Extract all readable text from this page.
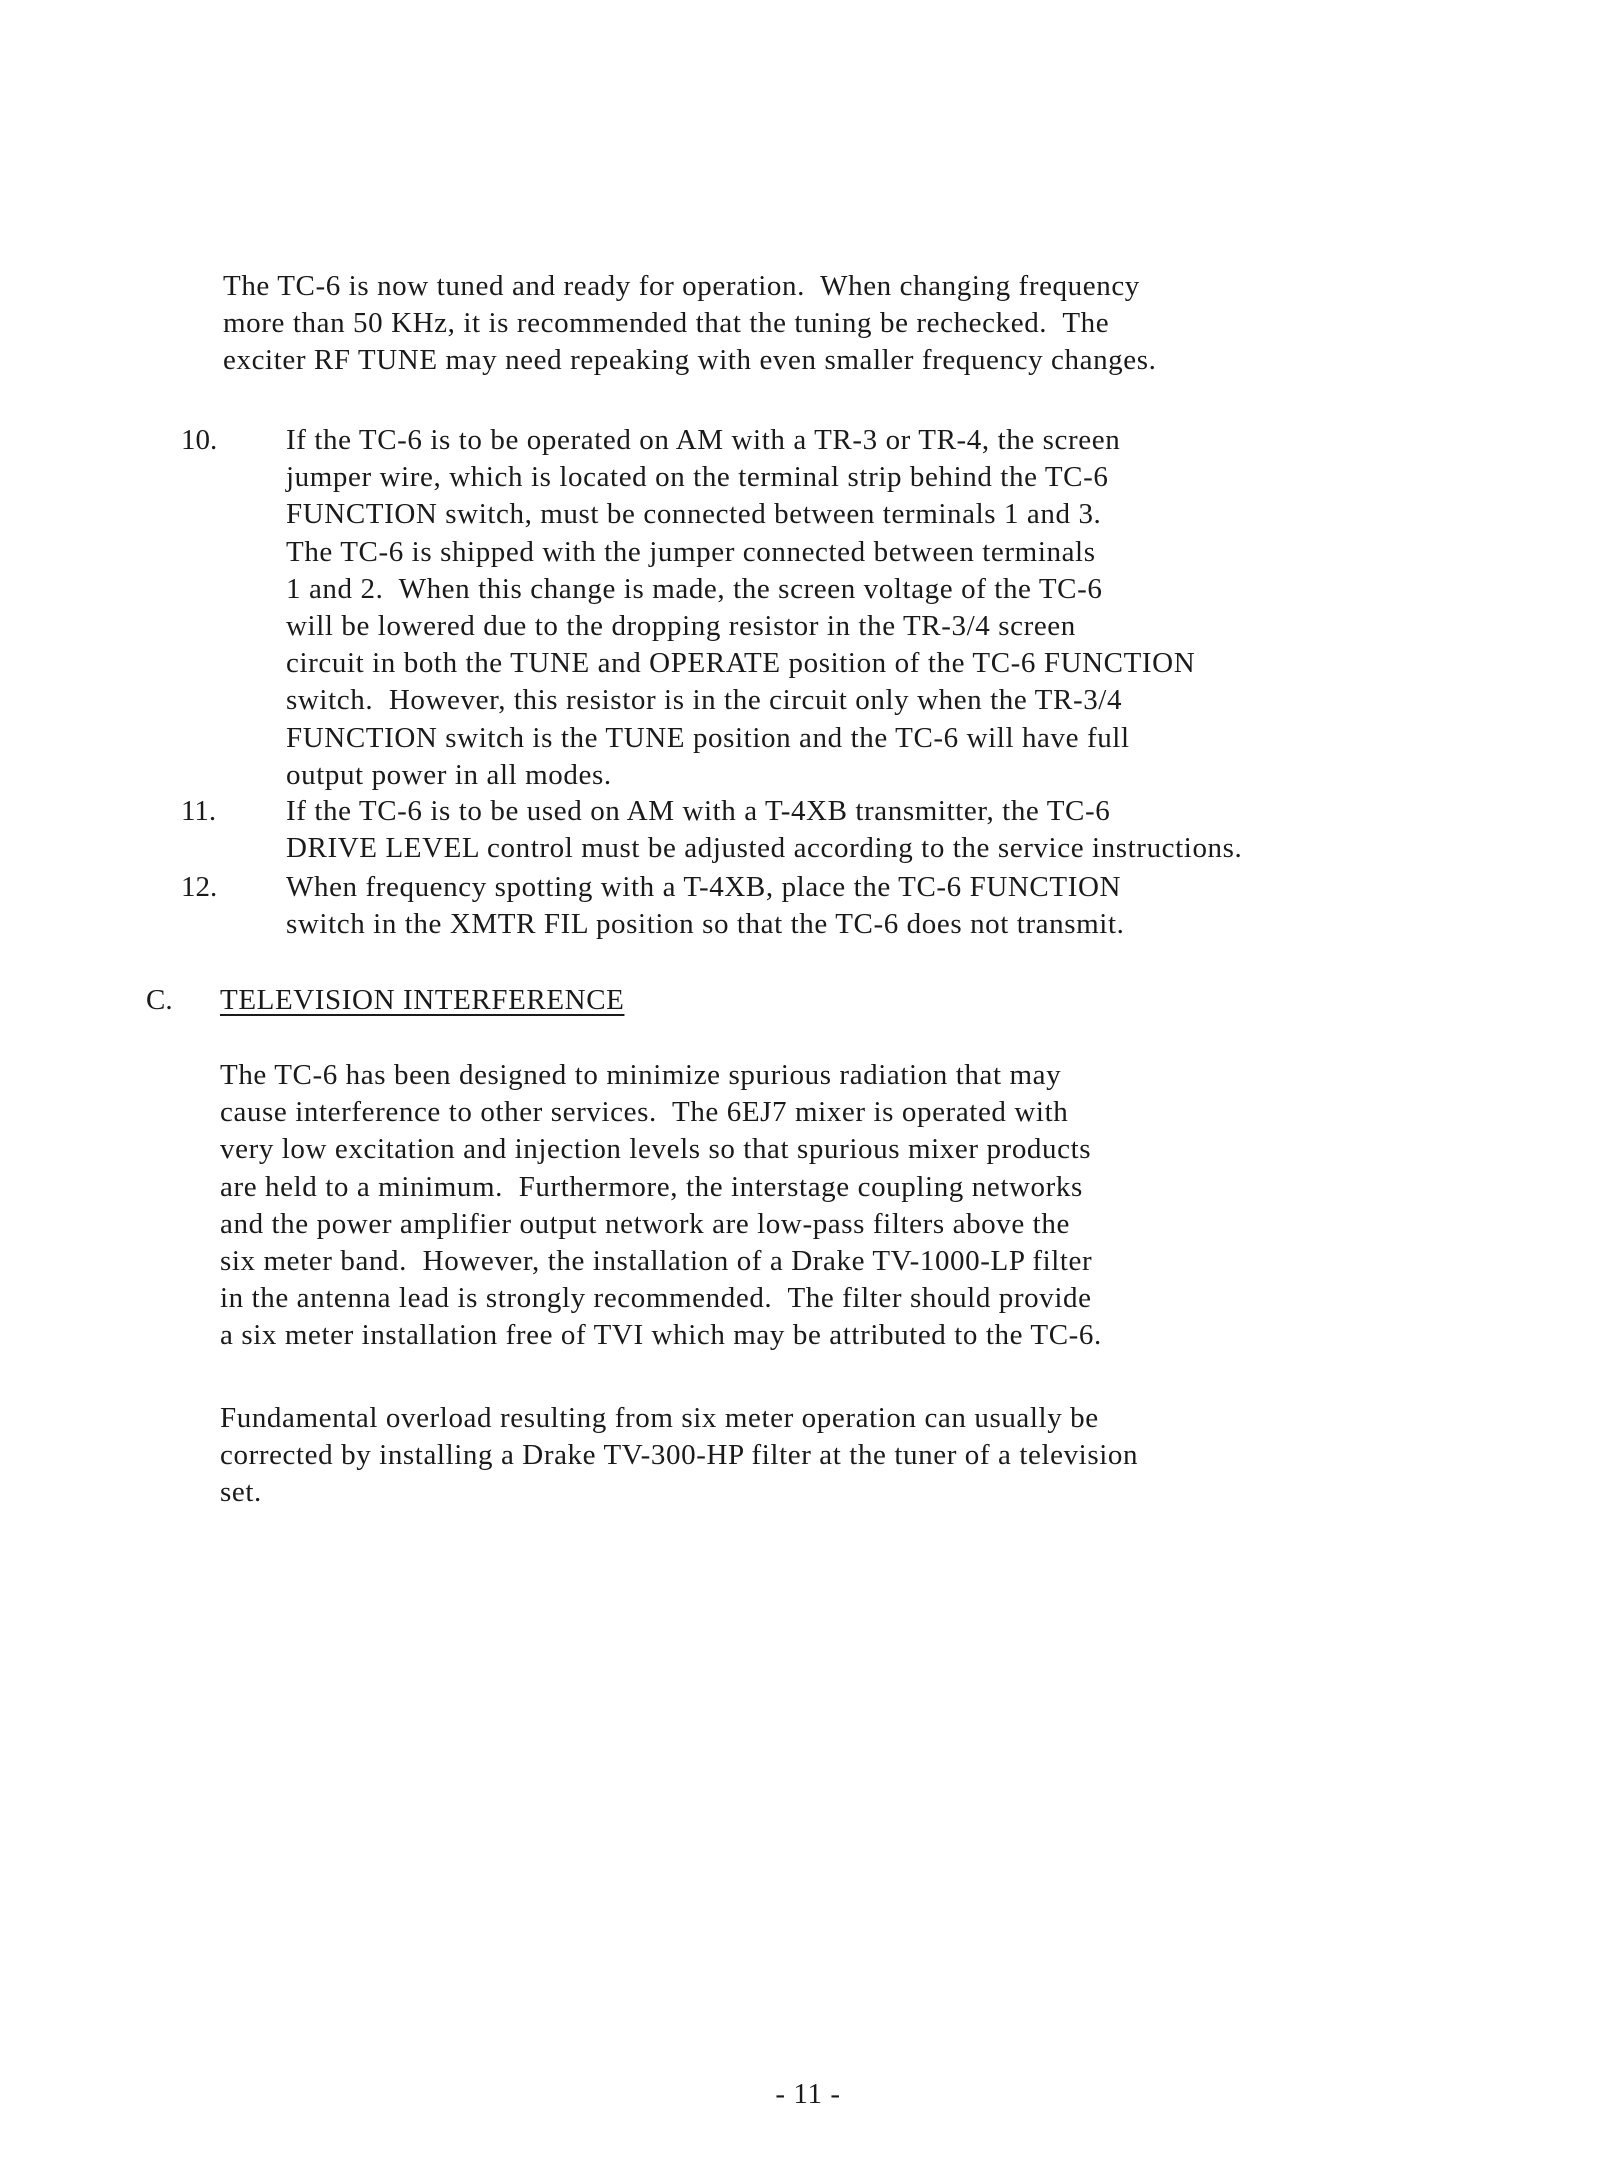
The TC-6 is now tuned and ready for operation.  When changing frequency
more than 50 KHz, it is recommended that the tuning be rechecked.  The
exciter RF TUNE may need repeaking with even smaller frequency changes.
10. If the TC-6 is to be operated on AM with a TR-3 or TR-4, the screen
jumper wire, which is located on the terminal strip behind the TC-6
FUNCTION switch, must be connected between terminals 1 and 3.
The TC-6 is shipped with the jumper connected between terminals
1 and 2.  When this change is made, the screen voltage of the TC-6
will be lowered due to the dropping resistor in the TR-3/4 screen
circuit in both the TUNE and OPERATE position of the TC-6 FUNCTION
switch.  However, this resistor is in the circuit only when the TR-3/4
FUNCTION switch is the TUNE position and the TC-6 will have full
output power in all modes.
11. If the TC-6 is to be used on AM with a T-4XB transmitter, the TC-6
DRIVE LEVEL control must be adjusted according to the service instructions.
12. When frequency spotting with a T-4XB, place the TC-6 FUNCTION
switch in the XMTR FIL position so that the TC-6 does not transmit.
C. TELEVISION INTERFERENCE
The TC-6 has been designed to minimize spurious radiation that may
cause interference to other services.  The 6EJ7 mixer is operated with
very low excitation and injection levels so that spurious mixer products
are held to a minimum.  Furthermore, the interstage coupling networks
and the power amplifier output network are low-pass filters above the
six meter band.  However, the installation of a Drake TV-1000-LP filter
in the antenna lead is strongly recommended.  The filter should provide
a six meter installation free of TVI which may be attributed to the TC-6.
Fundamental overload resulting from six meter operation can usually be
corrected by installing a Drake TV-300-HP filter at the tuner of a television
set.
- 11 -
